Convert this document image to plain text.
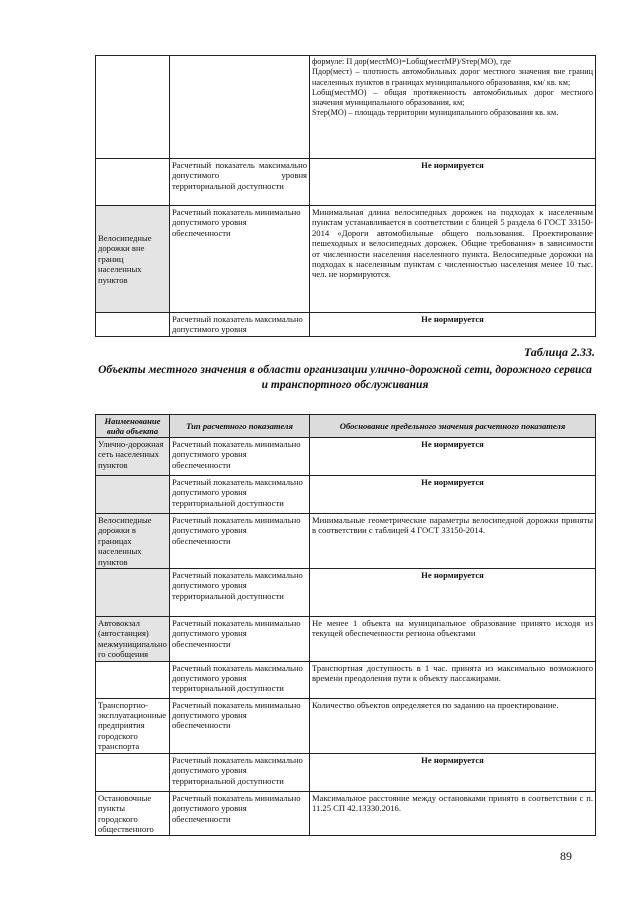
		формуле: П дор(местМО)=Lобщ(местМР)/Sтер(МО), где
Пдор(мест) – плотность автомобильных дорог местного значения вне границ населенных пунктов в границах муниципального образования, км/ кв. км;
Lобщ(местМО) – общая протяженность автомобильных дорог местного значения муниципального образования, км;
Sтер(МО) – площадь территории муниципального образования кв. км.

	Расчетный показатель максимально допустимого уровня территориальной доступности	Не нормируется
Велосипедные дорожки вне границ населенных пунктов	Расчетный показатель минимально допустимого уровня обеспеченности	Минимальная длина велосипедных дорожек на подходах к населенным пунктам устанавливается в соответствии с блицей 5 раздела 6 ГОСТ 33150-2014 «Дороги автомобильные общего пользования. Проектирование пешеходных и велосипедных дорожек. Общие требования» в зависимости от численности населения населенного пункта. Велосипедные дорожки на подходах к населенным пунктам с численностью населения менее 10 тыс. чел. не нормируются.
	Расчетный показатель максимально допустимого уровня	Не нормируется
Таблица 2.33.
Объекты местного значения в области организации улично-дорожной сети, дорожного сервиса и транспортного обслуживания
Наименование вида объекта	Тип расчетного показателя	Обоснование предельного значения расчетного показателя
Улично-дорожная сеть населенных пунктов	Расчетный показатель минимально допустимого уровня обеспеченности	Не нормируется
	Расчетный показатель максимально допустимого уровня территориальной доступности	Не нормируется
Велосипедные дорожки в границах населенных пунктов	Расчетный показатель минимально допустимого уровня обеспеченности	Минимальные геометрические параметры велосипедной дорожки приняты в соответствии с таблицей 4 ГОСТ 33150-2014.
	Расчетный показатель максимально допустимого уровня территориальной доступности	Не нормируется
Автовокзал (автостанция) межмуниципального сообщения	Расчетный показатель минимально допустимого уровня обеспеченности	Не менее 1 объекта на муниципальное образование принято исходя из текущей обеспеченности региона объектами
	Расчетный показатель максимально допустимого уровня территориальной доступности	Транспортная доступность в 1 час. принята из максимально возможного времени преодоления пути к объекту пассажирами.
Транспортно-эксплуатационные предприятия городского транспорта	Расчетный показатель минимально допустимого уровня обеспеченности	Количество объектов определяется по заданию на проектирование.
	Расчетный показатель максимально допустимого уровня территориальной доступности	Не нормируется
Остановочные пункты городского общественного	Расчетный показатель минимально допустимого уровня обеспеченности	Максимальное расстояние между остановками принято в соответствии с п. 11.25 СП 42.13330.2016.
89
